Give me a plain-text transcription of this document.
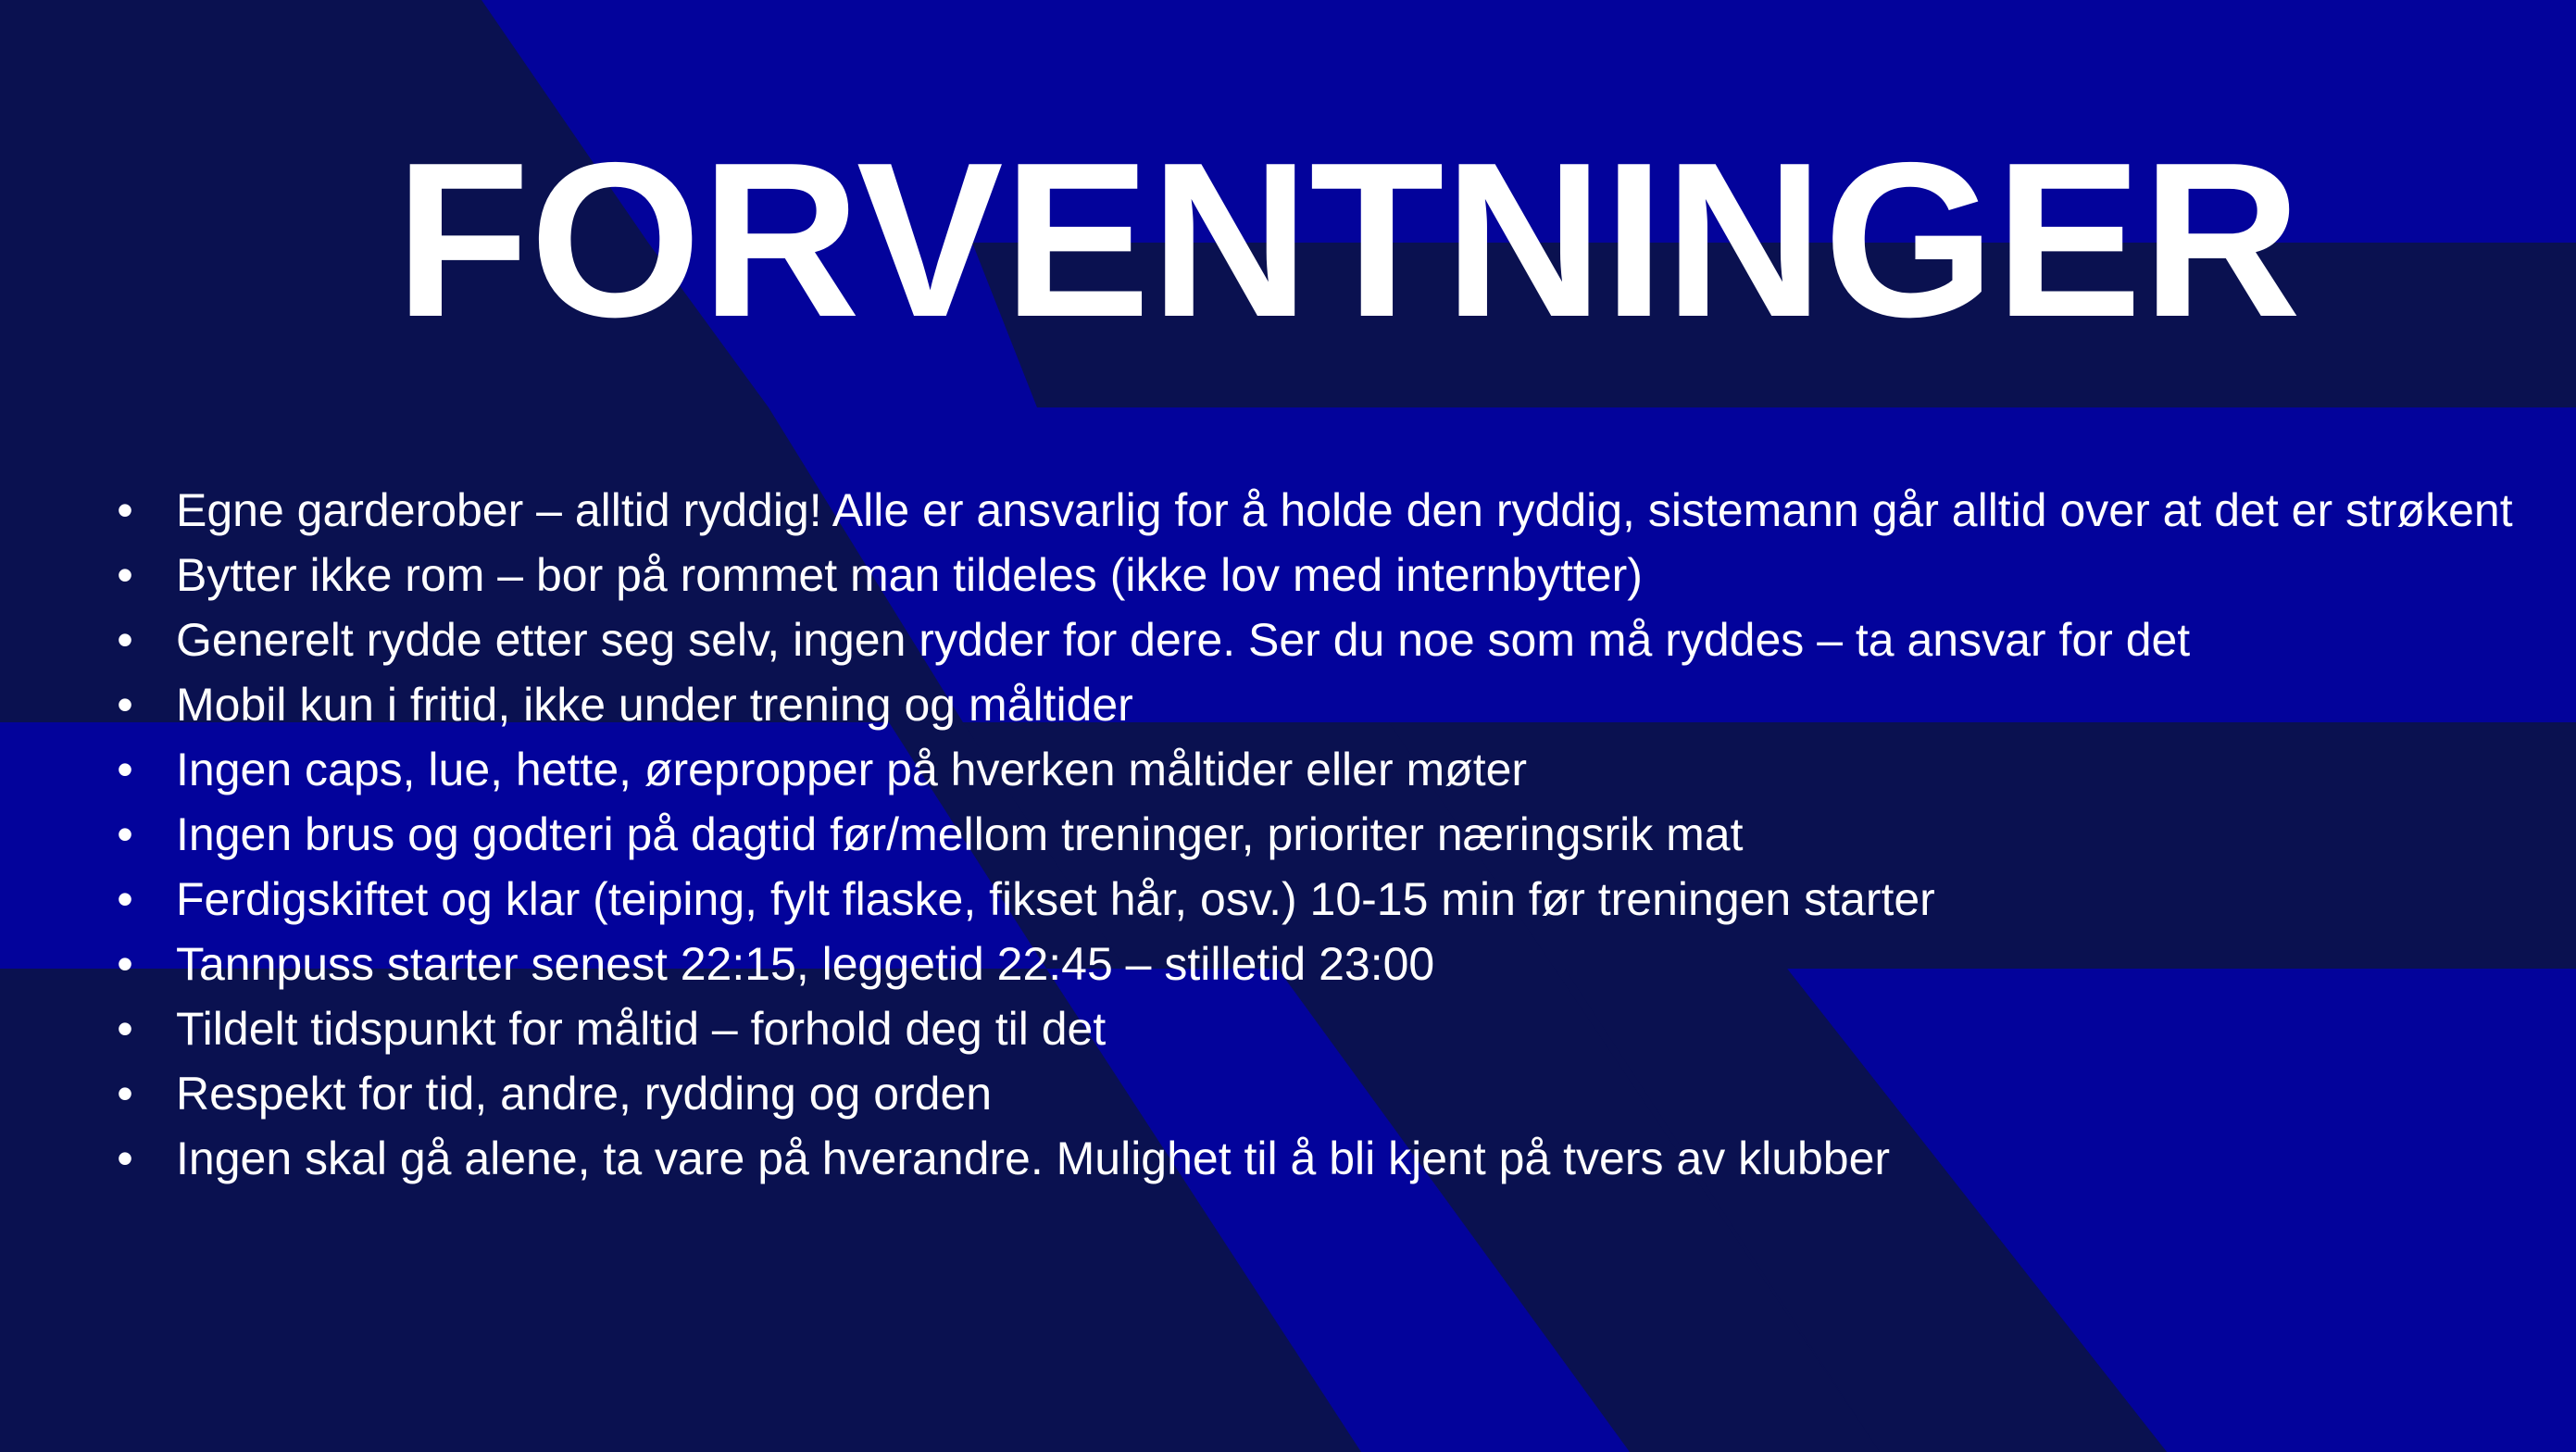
FORVENTNINGER
• Egne garderober – alltid ryddig! Alle er ansvarlig for å holde den ryddig, sistemann går alltid over at det er strøkent
• Bytter ikke rom – bor på rommet man tildeles (ikke lov med internbytter)
• Generelt rydde etter seg selv, ingen rydder for dere. Ser du noe som må ryddes – ta ansvar for det
• Mobil kun i fritid, ikke under trening og måltider
• Ingen caps, lue, hette, ørepropper på hverken måltider eller møter
• Ingen brus og godteri på dagtid før/mellom treninger, prioriter næringsrik mat
• Ferdigskiftet og klar (teiping, fylt flaske, fikset hår, osv.) 10-15 min før treningen starter
• Tannpuss starter senest 22:15, leggetid 22:45 – stilletid 23:00
• Tildelt tidspunkt for måltid – forhold deg til det
• Respekt for tid, andre, rydding og orden
• Ingen skal gå alene, ta vare på hverandre. Mulighet til å bli kjent på tvers av klubber
